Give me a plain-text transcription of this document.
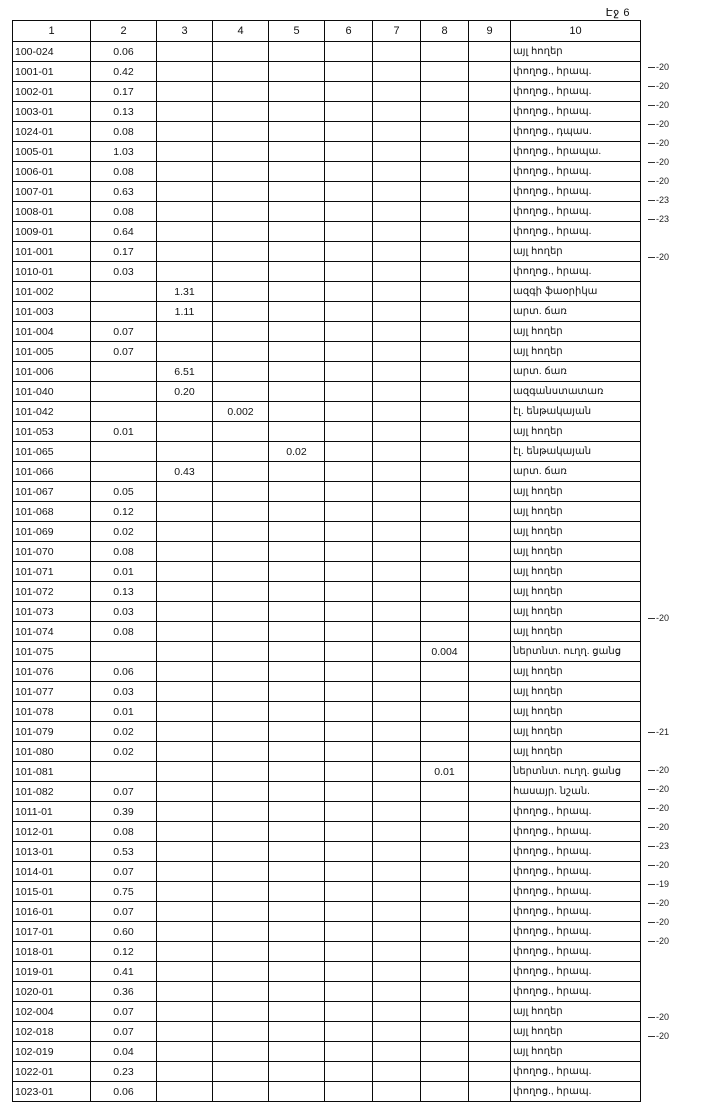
Էջ 6
1	2	3	4	5	6	7	8	9	10
100-024	0.06								այլ հողեր
1001-01	0.42								փողոց., հրապ.
1002-01	0.17								փողոց., հրապ.
1003-01	0.13								փողոց., հրապ.
1024-01	0.08								փողոց., դպաս.
1005-01	1.03								փողոց., հրապա.
1006-01	0.08								փողոց., հրապ.
1007-01	0.63								փողոց., հրապ.
1008-01	0.08								փողոց., հրապ.
1009-01	0.64								փողոց., հրապ.
101-001	0.17								այլ հողեր
1010-01	0.03								փողոց., հրապ.
101-002		1.31							ազգի ֆաօրիկա
101-003		1.11							արտ. ճառ
101-004	0.07								այլ հողեր
101-005	0.07								այլ հողեր
101-006		6.51							արտ. ճառ
101-040		0.20							ազգանստատառ
101-042			0.002						էլ. ենթակայան
101-053	0.01								այլ հողեր
101-065				0.02					էլ. ենթակայան
101-066		0.43							արտ. ճառ
101-067	0.05								այլ հողեր
101-068	0.12								այլ հողեր
101-069	0.02								այլ հողեր
101-070	0.08								այլ հողեր
101-071	0.01								այլ հողեր
101-072	0.13								այլ հողեր
101-073	0.03								այլ հողեր
101-074	0.08								այլ հողեր
101-075							0.004		ներտնտ. ուղղ. ցանց
101-076	0.06								այլ հողեր
101-077	0.03								այլ հողեր
101-078	0.01								այլ հողեր
101-079	0.02								այլ հողեր
101-080	0.02								այլ հողեր
101-081							0.01		ներտնտ. ուղղ. ցանց
101-082	0.07								հասայր. նշան.
1011-01	0.39								փողոց., հրապ.
1012-01	0.08								փողոց., հրապ.
1013-01	0.53								փողոց., հրապ.
1014-01	0.07								փողոց., հրապ.
1015-01	0.75								փողոց., հրապ.
1016-01	0.07								փողոց., հրապ.
1017-01	0.60								փողոց., հրապ.
1018-01	0.12								փողոց., հրապ.
1019-01	0.41								փողոց., հրապ.
1020-01	0.36								փողոց., հրապ.
102-004	0.07								այլ հողեր
102-018	0.07								այլ հողեր
102-019	0.04								այլ հողեր
1022-01	0.23								փողոց., հրապ.
1023-01	0.06								փողոց., հրապ.
-20
-20
-20
-20
-20
-20
-20
-23
-23
-20
-20
-21
-20
-20
-20
-20
-23
-20
-19
-20
-20
-20
-20
-20
